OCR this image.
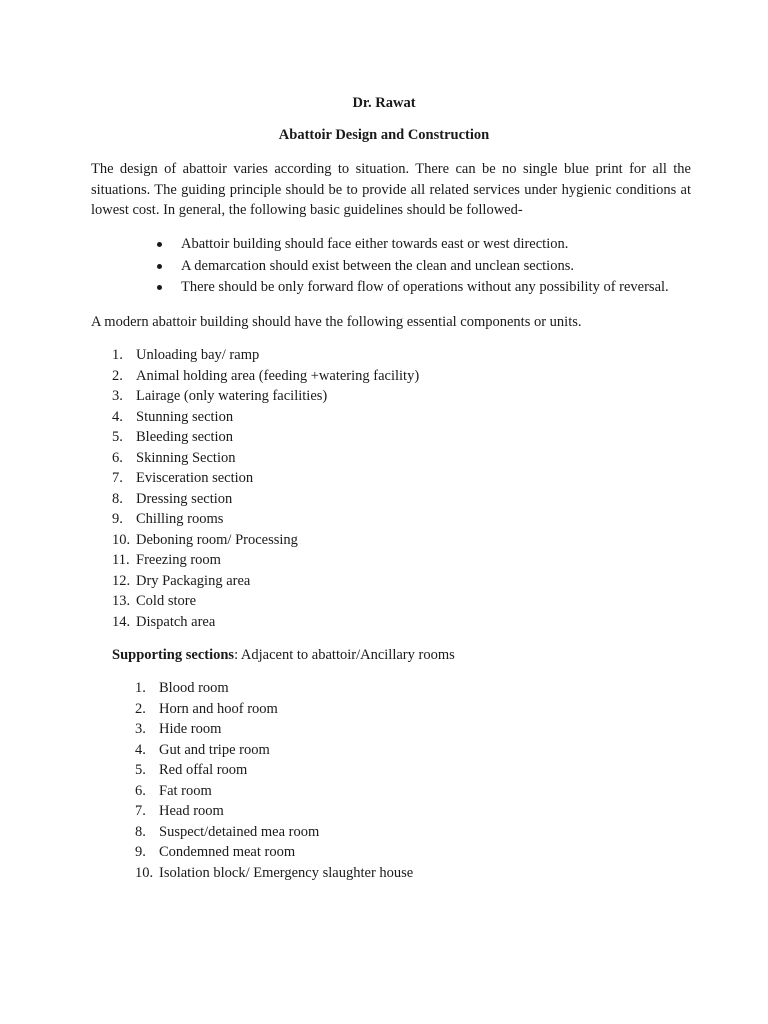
Dr. Rawat
Abattoir Design and Construction

The design of abattoir varies according to situation. There can be no single blue print for all the situations. The guiding principle should be to provide all related services under hygienic conditions at lowest cost. In general, the following basic guidelines should be followed-

Abattoir building should face either towards east or west direction.
A demarcation should exist between the clean and unclean sections.
There should be only forward flow of operations without any possibility of reversal.

A modern abattoir building should have the following essential components or units.

1. Unloading bay/ ramp
2. Animal holding area (feeding +watering facility)
3. Lairage (only watering facilities)
4. Stunning section
5. Bleeding section
6. Skinning Section
7. Evisceration section
8. Dressing section
9. Chilling rooms
10. Deboning room/ Processing
11. Freezing room
12. Dry Packaging area
13. Cold store
14. Dispatch area

Supporting sections: Adjacent to abattoir/Ancillary rooms

1. Blood room
2. Horn and hoof room
3. Hide room
4. Gut and tripe room
5. Red offal room
6. Fat room
7. Head room
8. Suspect/detained mea room
9. Condemned meat room
10. Isolation block/ Emergency slaughter house
